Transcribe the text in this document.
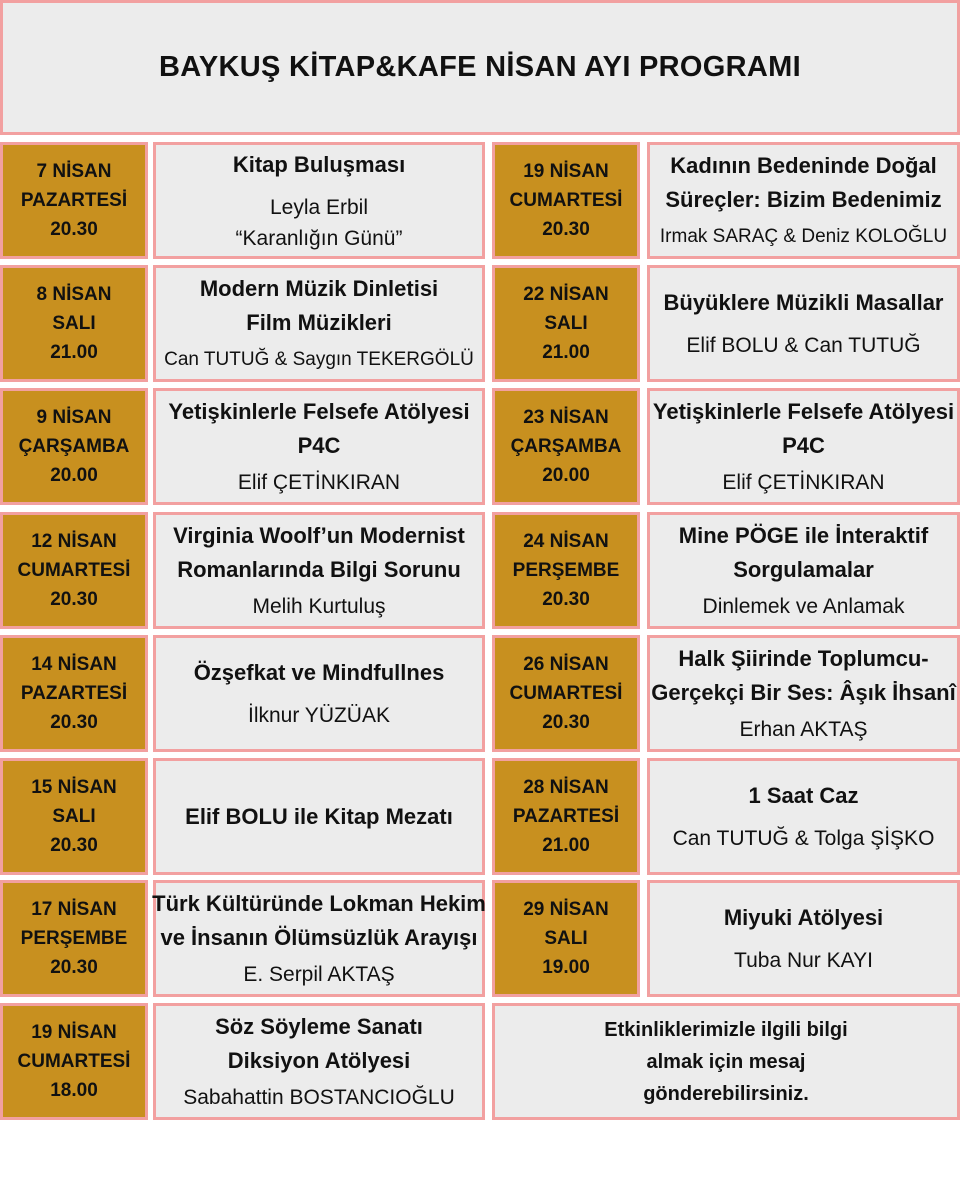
BAYKUŞ KİTAP&KAFE NİSAN AYI PROGRAMI
7 NİSAN
PAZARTESİ
20.30
Kitap Buluşması
Leyla Erbil
“Karanlığın Günü”
8 NİSAN
SALI
21.00
Modern Müzik Dinletisi
Film Müzikleri
Can TUTUĞ & Saygın TEKERGÖLÜ
9 NİSAN
ÇARŞAMBA
20.00
Yetişkinlerle Felsefe Atölyesi
P4C
Elif ÇETİNKIRAN
12 NİSAN
CUMARTESİ
20.30
Virginia Woolf’un Modernist
Romanlarında Bilgi Sorunu
Melih Kurtuluş
14 NİSAN
PAZARTESİ
20.30
Özşefkat ve Mindfullnes
İlknur YÜZÜAK
15 NİSAN
SALI
20.30
Elif BOLU ile Kitap Mezatı
17 NİSAN
PERŞEMBE
20.30
Türk Kültüründe Lokman Hekim
ve İnsanın Ölümsüzlük Arayışı
E. Serpil AKTAŞ
19 NİSAN
CUMARTESİ
18.00
Söz Söyleme Sanatı
Diksiyon Atölyesi
Sabahattin BOSTANCIOĞLU
19 NİSAN
CUMARTESİ
20.30
Kadının Bedeninde Doğal
Süreçler: Bizim Bedenimiz
Irmak SARAÇ & Deniz KOLOĞLU
22 NİSAN
SALI
21.00
Büyüklere Müzikli Masallar
Elif BOLU & Can TUTUĞ
23 NİSAN
ÇARŞAMBA
20.00
Yetişkinlerle Felsefe Atölyesi
P4C
Elif ÇETİNKIRAN
24 NİSAN
PERŞEMBE
20.30
Mine PÖGE ile İnteraktif
Sorgulamalar
Dinlemek ve Anlamak
26 NİSAN
CUMARTESİ
20.30
Halk Şiirinde Toplumcu-
Gerçekçi Bir Ses: Âşık İhsanî
Erhan AKTAŞ
28 NİSAN
PAZARTESİ
21.00
1 Saat Caz
Can TUTUĞ & Tolga ŞİŞKO
29 NİSAN
SALI
19.00
Miyuki Atölyesi
Tuba Nur KAYI
Etkinliklerimizle ilgili bilgi
almak için mesaj
gönderebilirsiniz.
